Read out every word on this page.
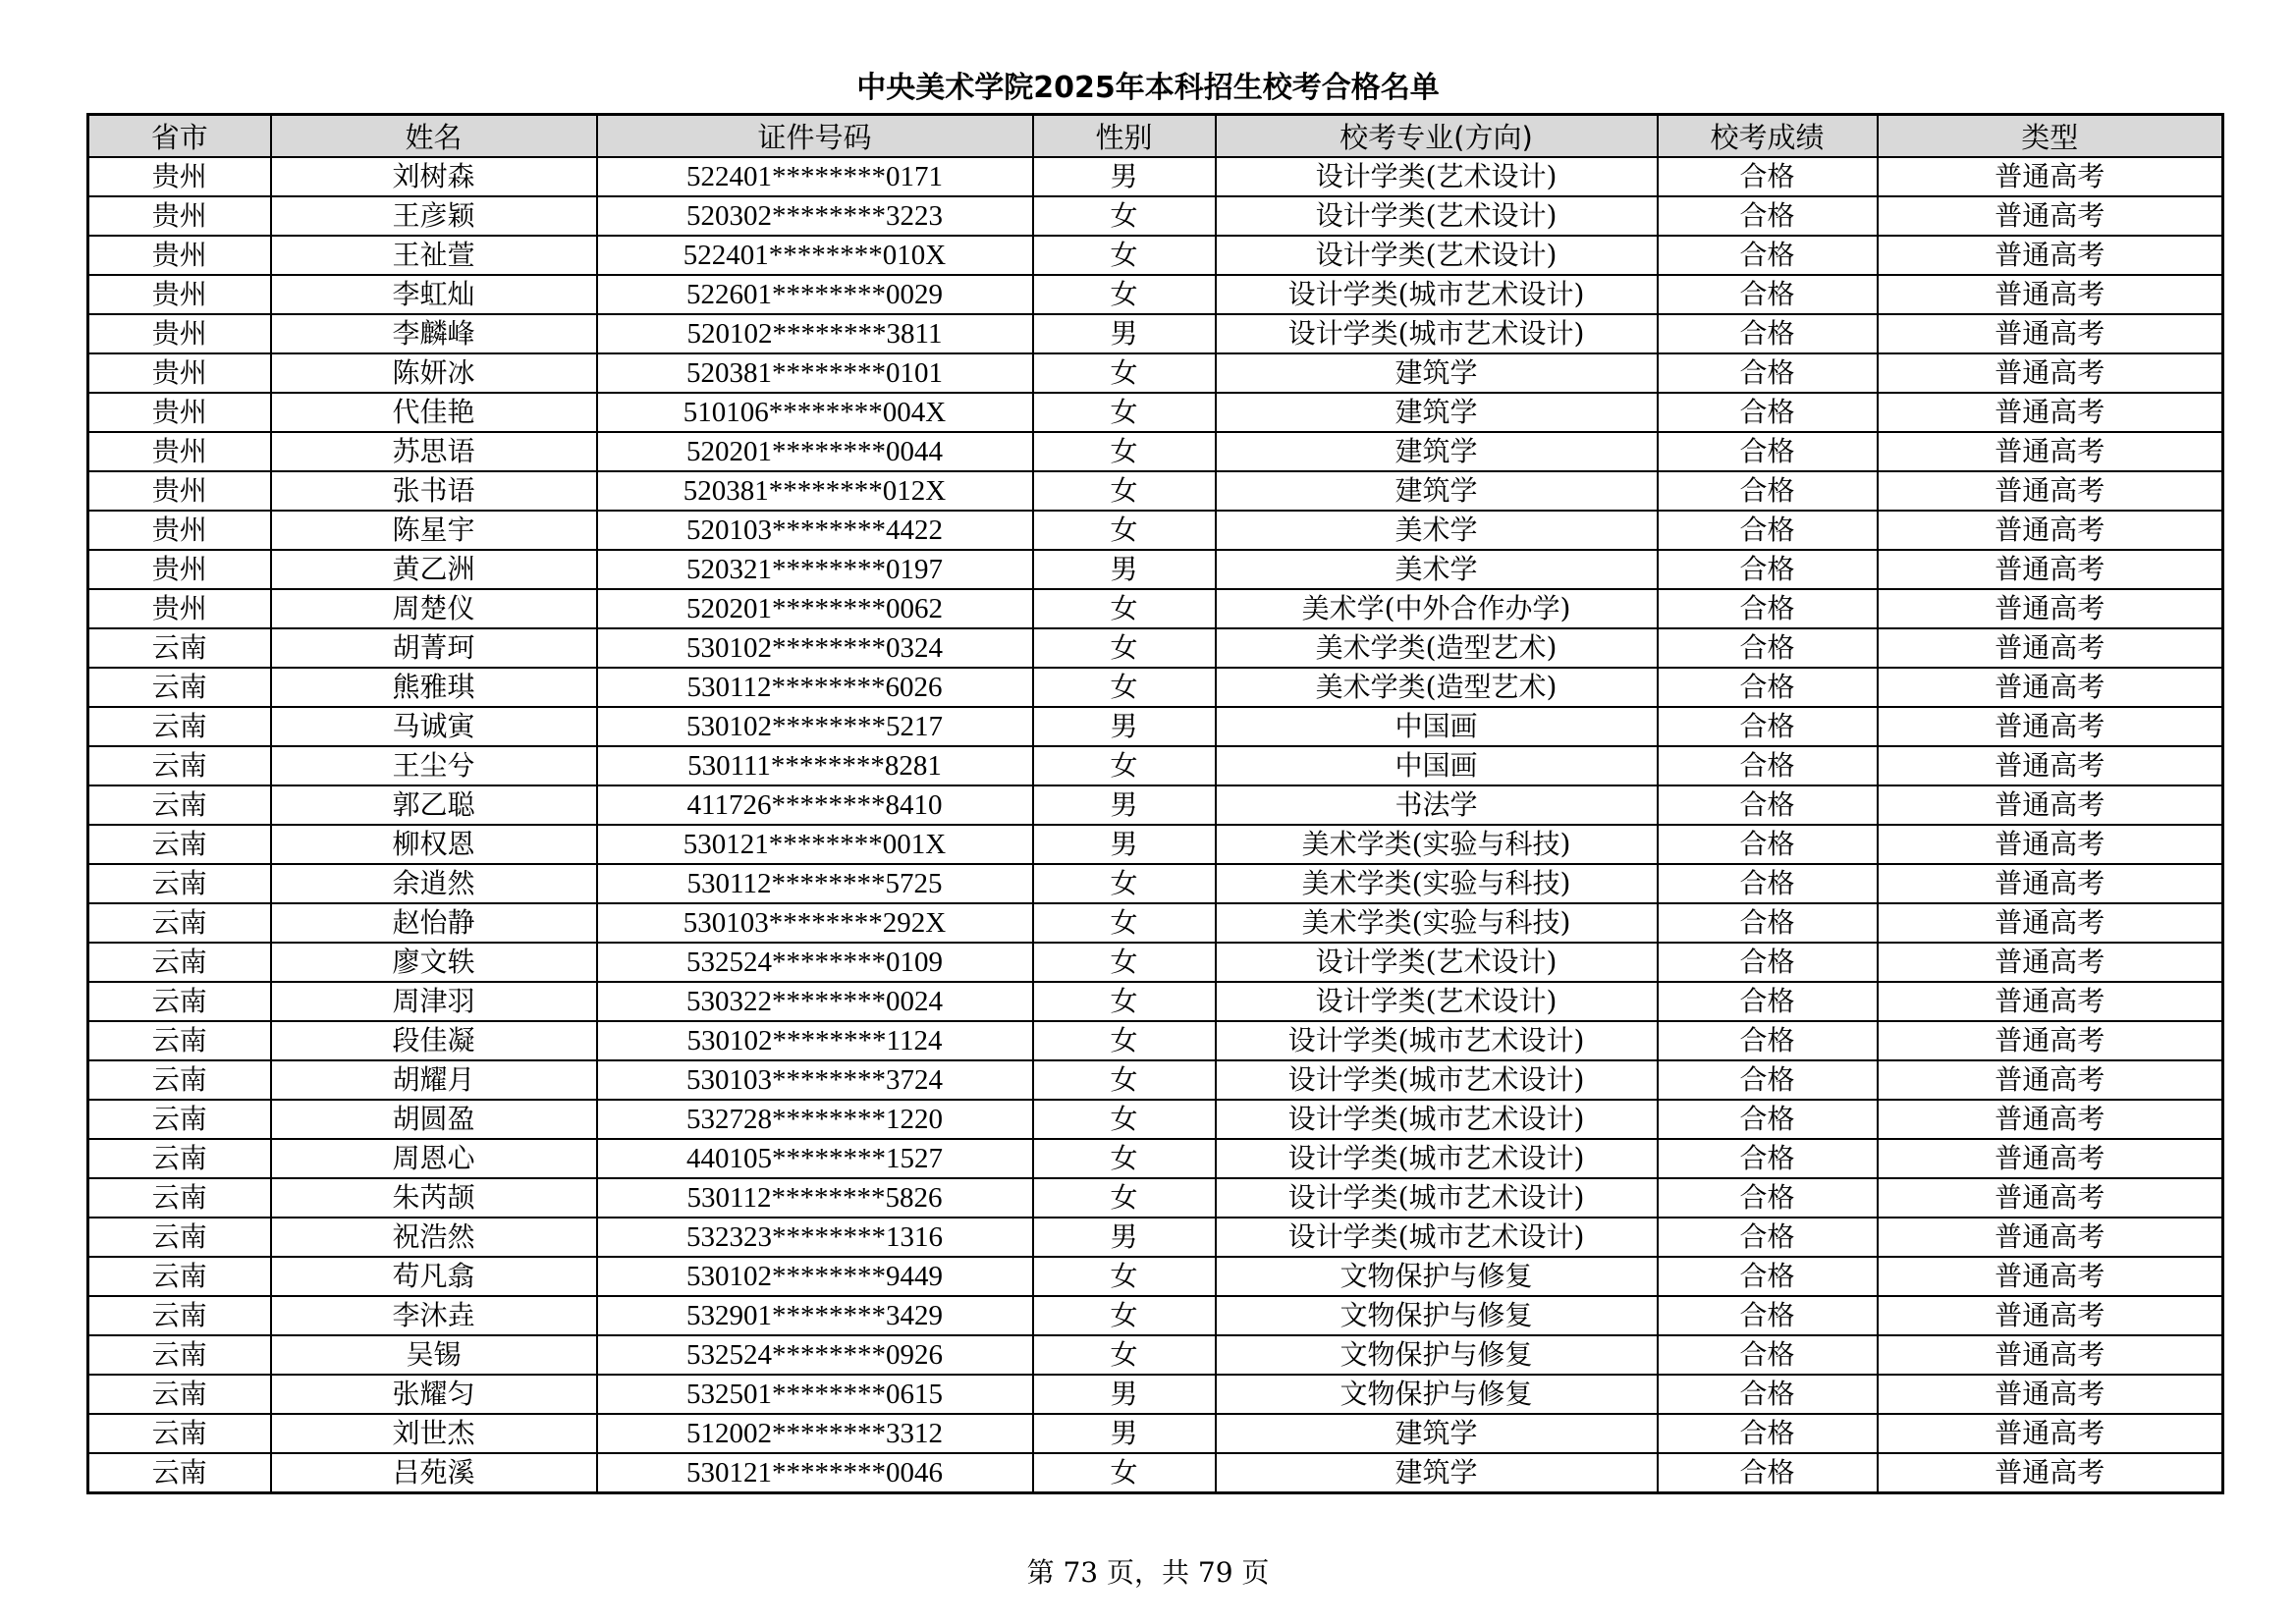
中央美术学院2025年本科招生校考合格名单
省市	姓名	证件号码	性别	校考专业(方向)	校考成绩	类型
贵州	刘树森	522401********0171	男	设计学类(艺术设计)	合格	普通高考
贵州	王彦颖	520302********3223	女	设计学类(艺术设计)	合格	普通高考
贵州	王祉萱	522401********010X	女	设计学类(艺术设计)	合格	普通高考
贵州	李虹灿	522601********0029	女	设计学类(城市艺术设计)	合格	普通高考
贵州	李麟峰	520102********3811	男	设计学类(城市艺术设计)	合格	普通高考
贵州	陈妍冰	520381********0101	女	建筑学	合格	普通高考
贵州	代佳艳	510106********004X	女	建筑学	合格	普通高考
贵州	苏思语	520201********0044	女	建筑学	合格	普通高考
贵州	张书语	520381********012X	女	建筑学	合格	普通高考
贵州	陈星宇	520103********4422	女	美术学	合格	普通高考
贵州	黄乙洲	520321********0197	男	美术学	合格	普通高考
贵州	周楚仪	520201********0062	女	美术学(中外合作办学)	合格	普通高考
云南	胡菁珂	530102********0324	女	美术学类(造型艺术)	合格	普通高考
云南	熊雅琪	530112********6026	女	美术学类(造型艺术)	合格	普通高考
云南	马诚寅	530102********5217	男	中国画	合格	普通高考
云南	王尘兮	530111********8281	女	中国画	合格	普通高考
云南	郭乙聪	411726********8410	男	书法学	合格	普通高考
云南	柳权恩	530121********001X	男	美术学类(实验与科技)	合格	普通高考
云南	余逍然	530112********5725	女	美术学类(实验与科技)	合格	普通高考
云南	赵怡静	530103********292X	女	美术学类(实验与科技)	合格	普通高考
云南	廖文轶	532524********0109	女	设计学类(艺术设计)	合格	普通高考
云南	周津羽	530322********0024	女	设计学类(艺术设计)	合格	普通高考
云南	段佳凝	530102********1124	女	设计学类(城市艺术设计)	合格	普通高考
云南	胡耀月	530103********3724	女	设计学类(城市艺术设计)	合格	普通高考
云南	胡圆盈	532728********1220	女	设计学类(城市艺术设计)	合格	普通高考
云南	周恩心	440105********1527	女	设计学类(城市艺术设计)	合格	普通高考
云南	朱芮颉	530112********5826	女	设计学类(城市艺术设计)	合格	普通高考
云南	祝浩然	532323********1316	男	设计学类(城市艺术设计)	合格	普通高考
云南	苟凡翕	530102********9449	女	文物保护与修复	合格	普通高考
云南	李沐垚	532901********3429	女	文物保护与修复	合格	普通高考
云南	吴锡	532524********0926	女	文物保护与修复	合格	普通高考
云南	张耀匀	532501********0615	男	文物保护与修复	合格	普通高考
云南	刘世杰	512002********3312	男	建筑学	合格	普通高考
云南	吕苑溪	530121********0046	女	建筑学	合格	普通高考
第 73 页，共 79 页
